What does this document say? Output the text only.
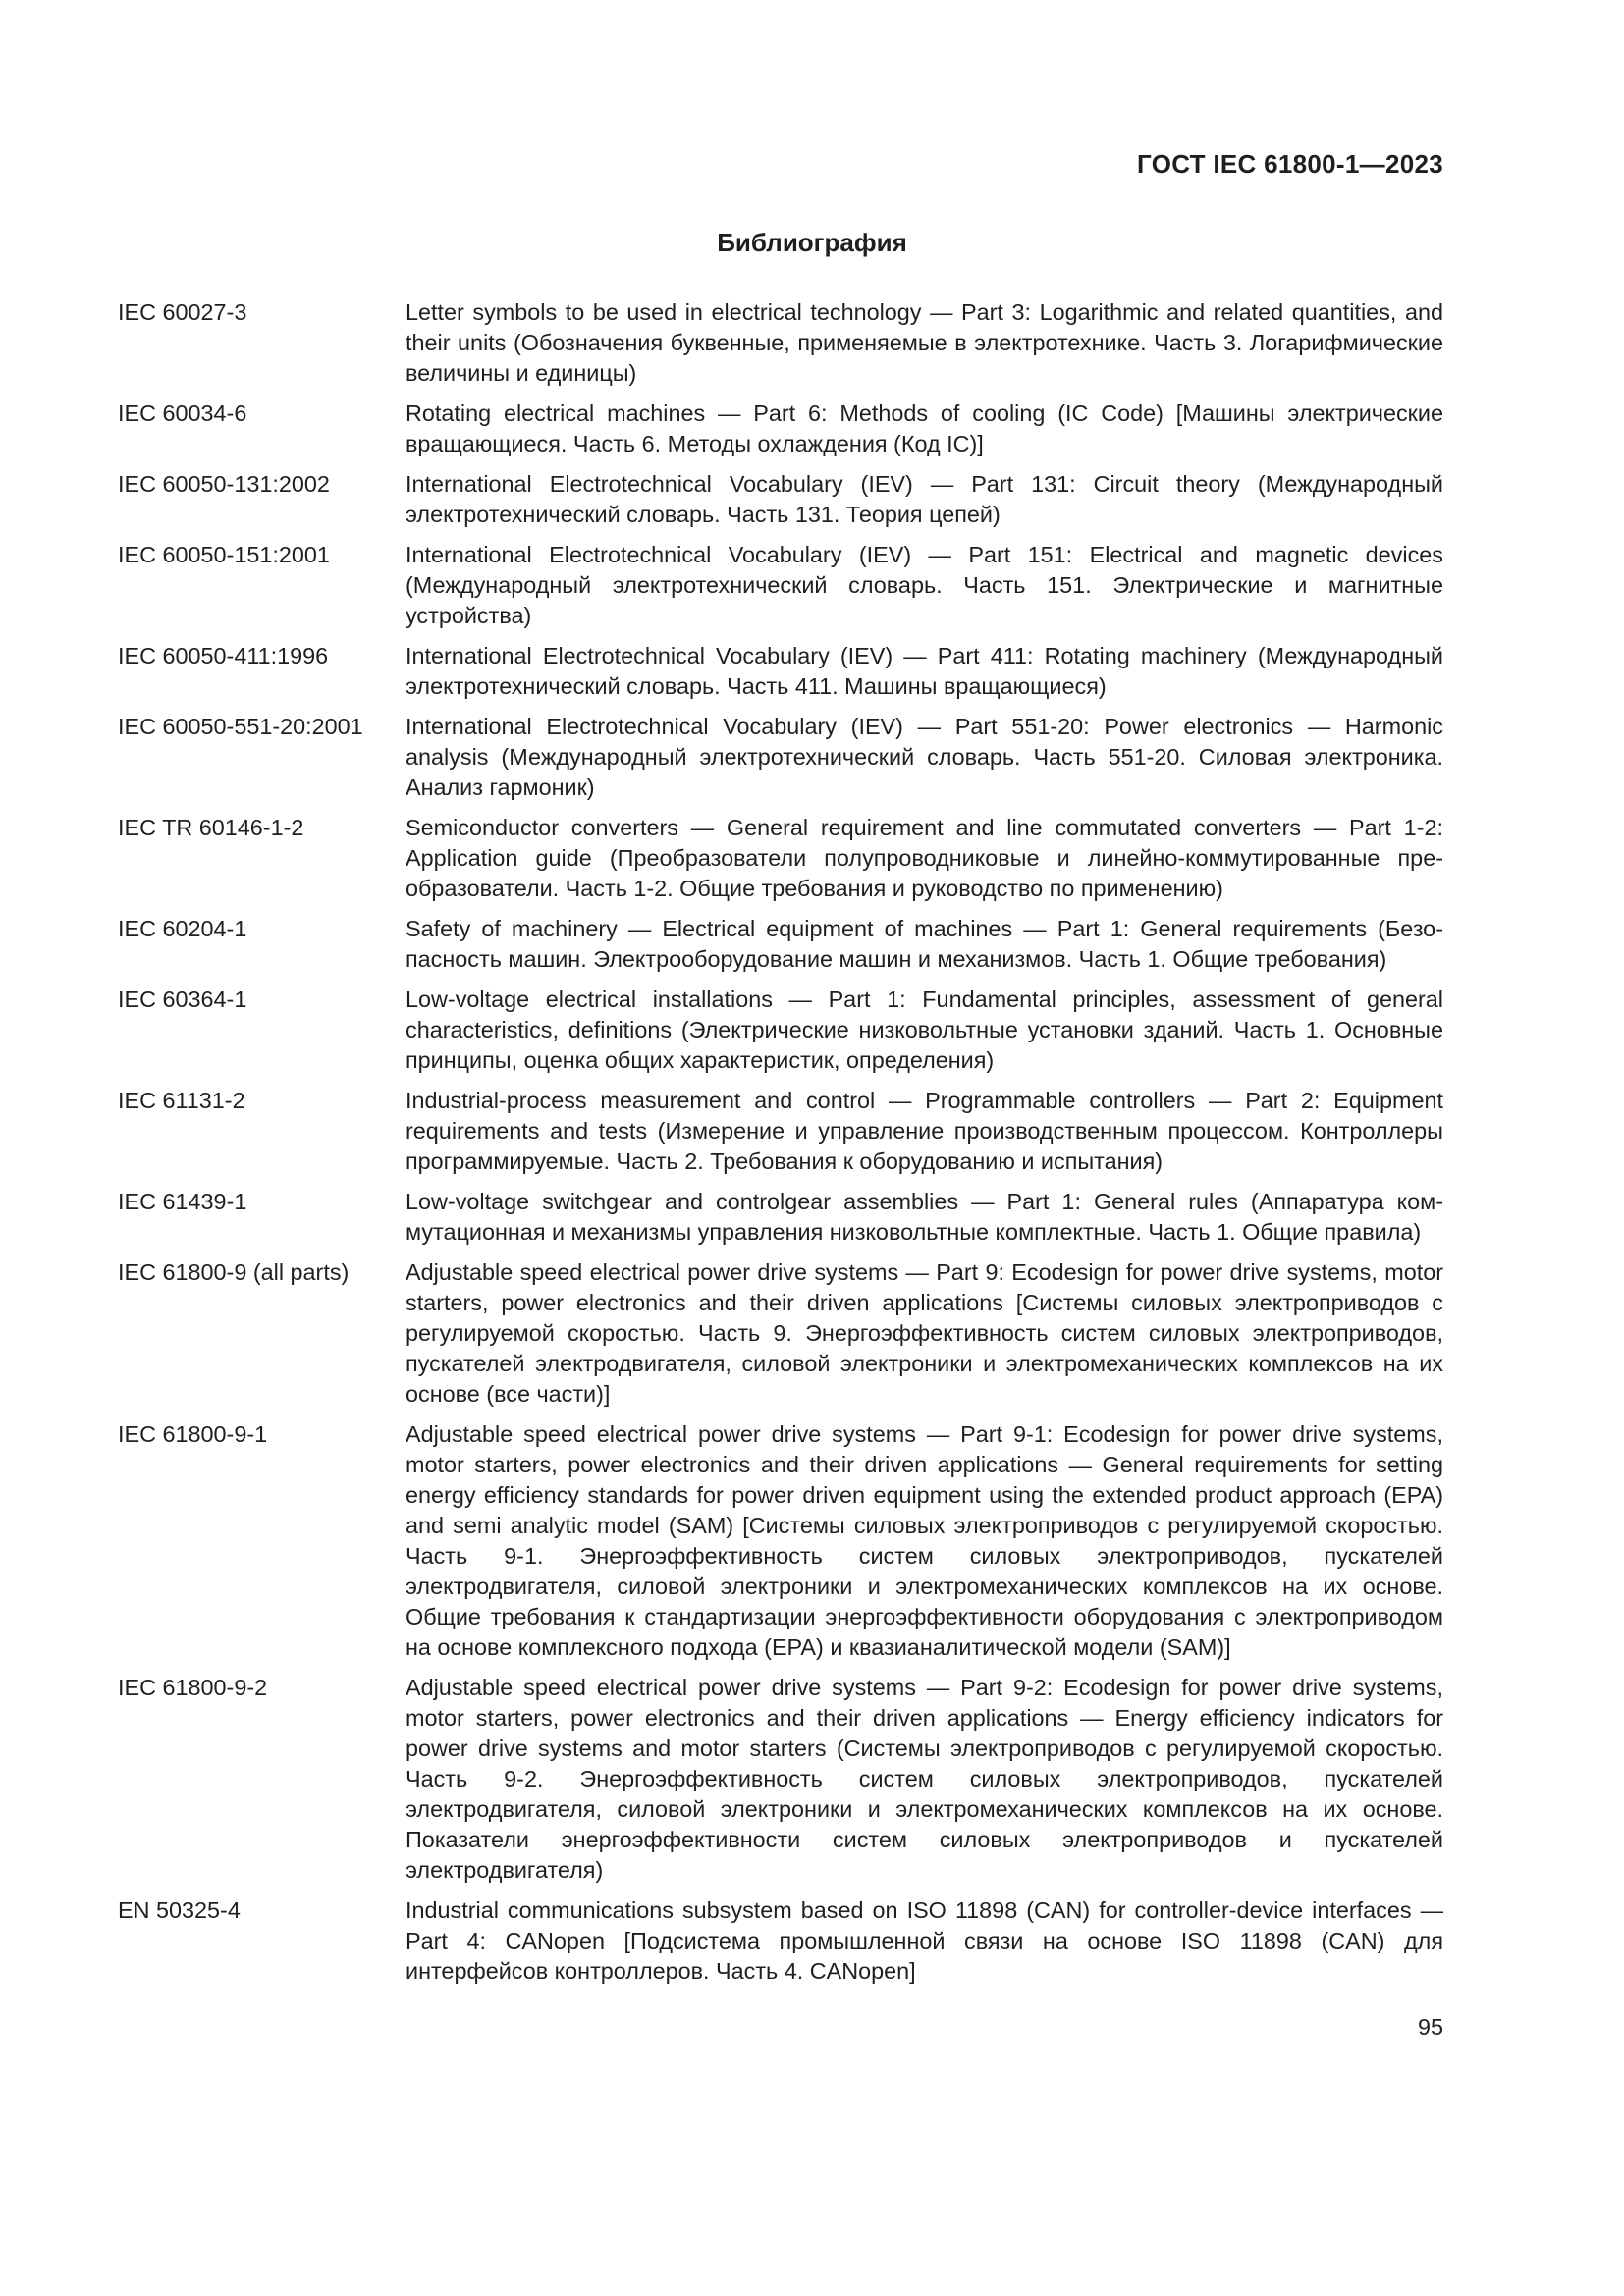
ГОСТ IEC 61800-1—2023
Библиография
IEC 60027-3	Letter symbols to be used in electrical technology — Part 3: Logarithmic and related quantities, and their units (Обозначения буквенные, применяемые в электротехнике. Часть 3. Логарифмические величины и единицы)
IEC 60034-6	Rotating electrical machines — Part 6: Methods of cooling (IC Code) [Машины электрические вращающиеся. Часть 6. Методы охлаждения (Код IC)]
IEC 60050-131:2002	International Electrotechnical Vocabulary (IEV) — Part 131: Circuit theory (Международный электротехнический словарь. Часть 131. Теория цепей)
IEC 60050-151:2001	International Electrotechnical Vocabulary (IEV) — Part 151: Electrical and magnetic devices (Международный электротехнический словарь. Часть 151. Электрические и магнитные устройства)
IEC 60050-411:1996	International Electrotechnical Vocabulary (IEV) — Part 411: Rotating machinery (Международный электротехнический словарь. Часть 411. Машины вращающиеся)
IEC 60050-551-20:2001	International Electrotechnical Vocabulary (IEV) — Part 551-20: Power electronics — Harmonic analysis (Международный электротехнический словарь. Часть 551-20. Силовая электроника. Анализ гармоник)
IEC TR 60146-1-2	Semiconductor converters — General requirement and line commutated converters — Part 1-2: Application guide (Преобразователи полупроводниковые и линейно-коммутированные преобразователи. Часть 1-2. Общие требования и руководство по применению)
IEC 60204-1	Safety of machinery — Electrical equipment of machines — Part 1: General requirements (Безопасность машин. Электрооборудование машин и механизмов. Часть 1. Общие требования)
IEC 60364-1	Low-voltage electrical installations — Part 1: Fundamental principles, assessment of general characteristics, definitions (Электрические низковольтные установки зданий. Часть 1. Основные принципы, оценка общих характеристик, определения)
IEC 61131-2	Industrial-process measurement and control — Programmable controllers — Part 2: Equipment requirements and tests (Измерение и управление производственным процессом. Контроллеры программируемые. Часть 2. Требования к оборудованию и испытания)
IEC 61439-1	Low-voltage switchgear and controlgear assemblies — Part 1: General rules (Аппаратура коммутационная и механизмы управления низковольтные комплектные. Часть 1. Общие правила)
IEC 61800-9 (all parts)	Adjustable speed electrical power drive systems — Part 9: Ecodesign for power drive systems, motor starters, power electronics and their driven applications [Системы силовых электроприводов с регулируемой скоростью. Часть 9. Энергоэффективность систем силовых электроприводов, пускателей электродвигателя, силовой электроники и электромеханических комплексов на их основе (все части)]
IEC 61800-9-1	Adjustable speed electrical power drive systems — Part 9-1: Ecodesign for power drive systems, motor starters, power electronics and their driven applications — General requirements for setting energy efficiency standards for power driven equipment using the extended product approach (EPA) and semi analytic model (SAM) [Системы силовых электроприводов с регулируемой скоростью. Часть 9-1. Энергоэффективность систем силовых электроприводов, пускателей электродвигателя, силовой электроники и электромеханических комплексов на их основе. Общие требования к стандартизации энергоэффективности оборудования с электроприводом на основе комплексного подхода (EPA) и квазианалитической модели (SAM)]
IEC 61800-9-2	Adjustable speed electrical power drive systems — Part 9-2: Ecodesign for power drive systems, motor starters, power electronics and their driven applications — Energy efficiency indicators for power drive systems and motor starters (Системы электроприводов с регулируемой скоростью. Часть 9-2. Энергоэффективность систем силовых электроприводов, пускателей электродвигателя, силовой электроники и электромеханических комплексов на их основе. Показатели энергоэффективности систем силовых электроприводов и пускателей электродвигателя)
EN 50325-4	Industrial communications subsystem based on ISO 11898 (CAN) for controller-device interfaces — Part 4: CANopen [Подсистема промышленной связи на основе ISO 11898 (CAN) для интерфейсов контроллеров. Часть 4. CANopen]
95
